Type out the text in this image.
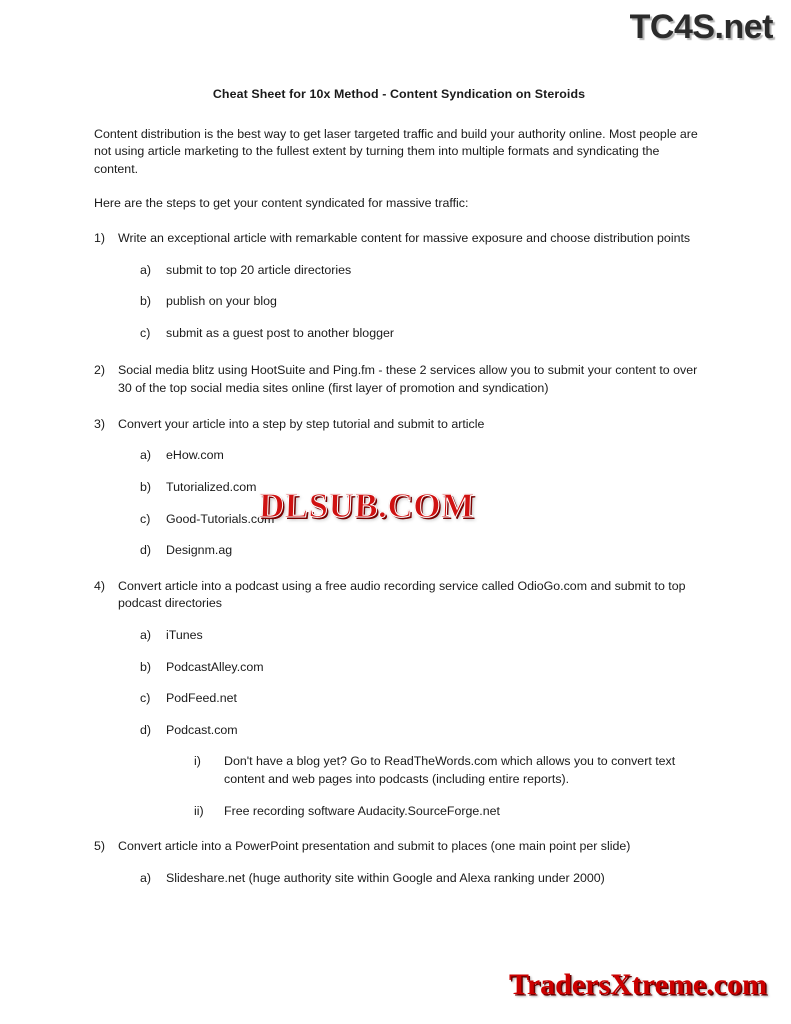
TC4S.net
Cheat Sheet for 10x Method - Content Syndication on Steroids

Content distribution is the best way to get laser targeted traffic and build your authority online. Most people are not using article marketing to the fullest extent by turning them into multiple formats and syndicating the content.

Here are the steps to get your content syndicated for massive traffic:

1)	Write an exceptional article with remarkable content for massive exposure and choose distribution points
a)	submit to top 20 article directories
b)	publish on your blog
c)	submit as a guest post to another blogger
2)	Social media blitz using HootSuite and Ping.fm - these 2 services allow you to submit your content to over 30 of the top social media sites online (first layer of promotion and syndication)
3)	Convert your article into a step by step tutorial and submit to article
a)	eHow.com
b)	Tutorialized.com
c)	Good-Tutorials.com
d)	Designm.ag
4)	Convert article into a podcast using a free audio recording service called OdioGo.com and submit to top podcast directories
a)	iTunes
b)	PodcastAlley.com
c)	PodFeed.net
d)	Podcast.com
i)	Don't have a blog yet? Go to ReadTheWords.com which allows you to convert text content and web pages into podcasts (including entire reports).
ii)	Free recording software Audacity.SourceForge.net
5)	Convert article into a PowerPoint presentation and submit to places (one main point per slide)
a)	Slideshare.net (huge authority site within Google and Alexa ranking under 2000)
DLSUB.COM
TradersXtreme.com
